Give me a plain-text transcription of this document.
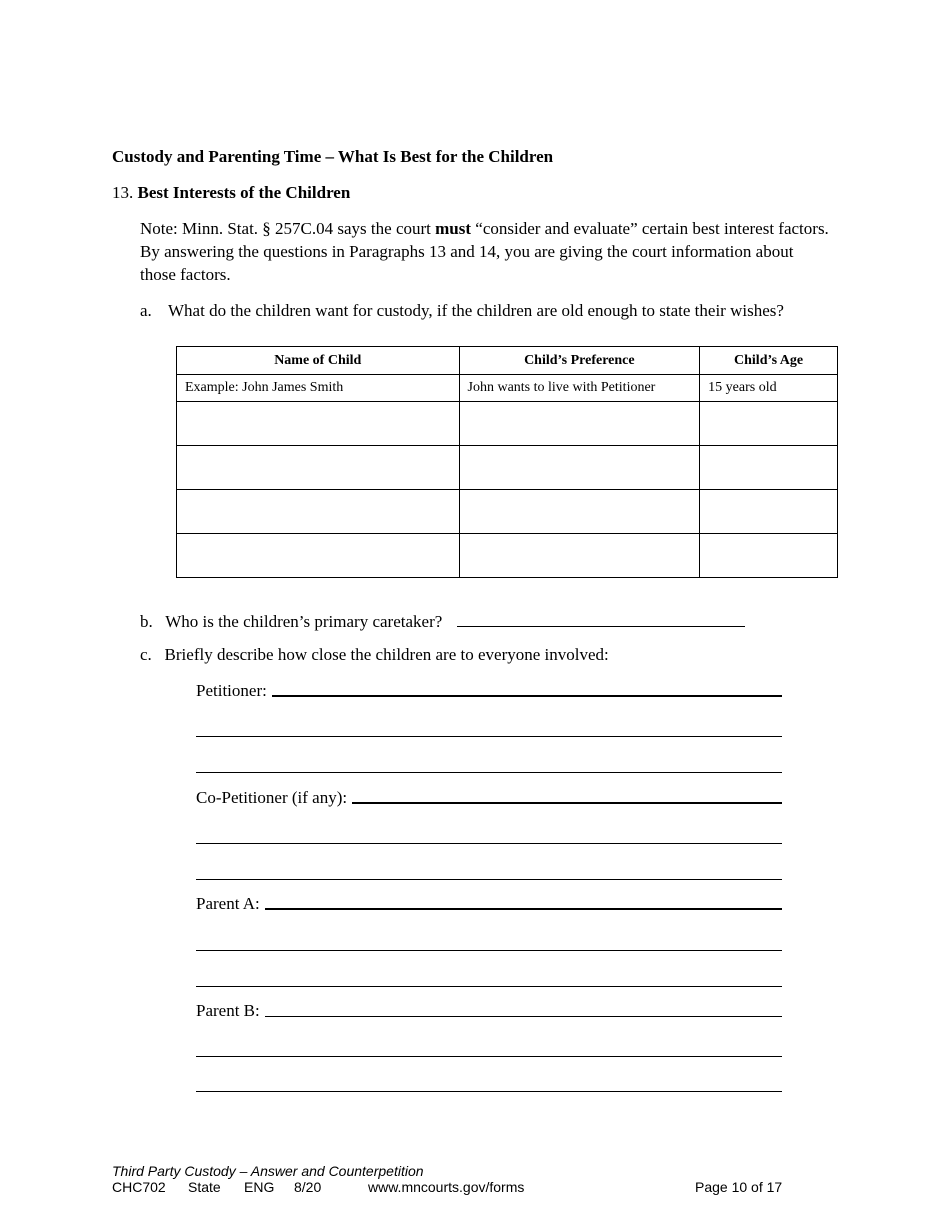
Custody and Parenting Time – What Is Best for the Children
13. Best Interests of the Children
Note: Minn. Stat. § 257C.04 says the court must “consider and evaluate” certain best interest factors. By answering the questions in Paragraphs 13 and 14, you are giving the court information about those factors.
a. What do the children want for custody, if the children are old enough to state their wishes?
Name of Child	Child’s Preference	Child’s Age
Example: John James Smith	John wants to live with Petitioner	15 years old

b. Who is the children’s primary caretaker?
c. Briefly describe how close the children are to everyone involved:
Petitioner:
Co-Petitioner (if any):
Parent A:
Parent B:
Third Party Custody – Answer and Counterpetition
CHC702 State ENG 8/20	www.mncourts.gov/forms	Page 10 of 17
